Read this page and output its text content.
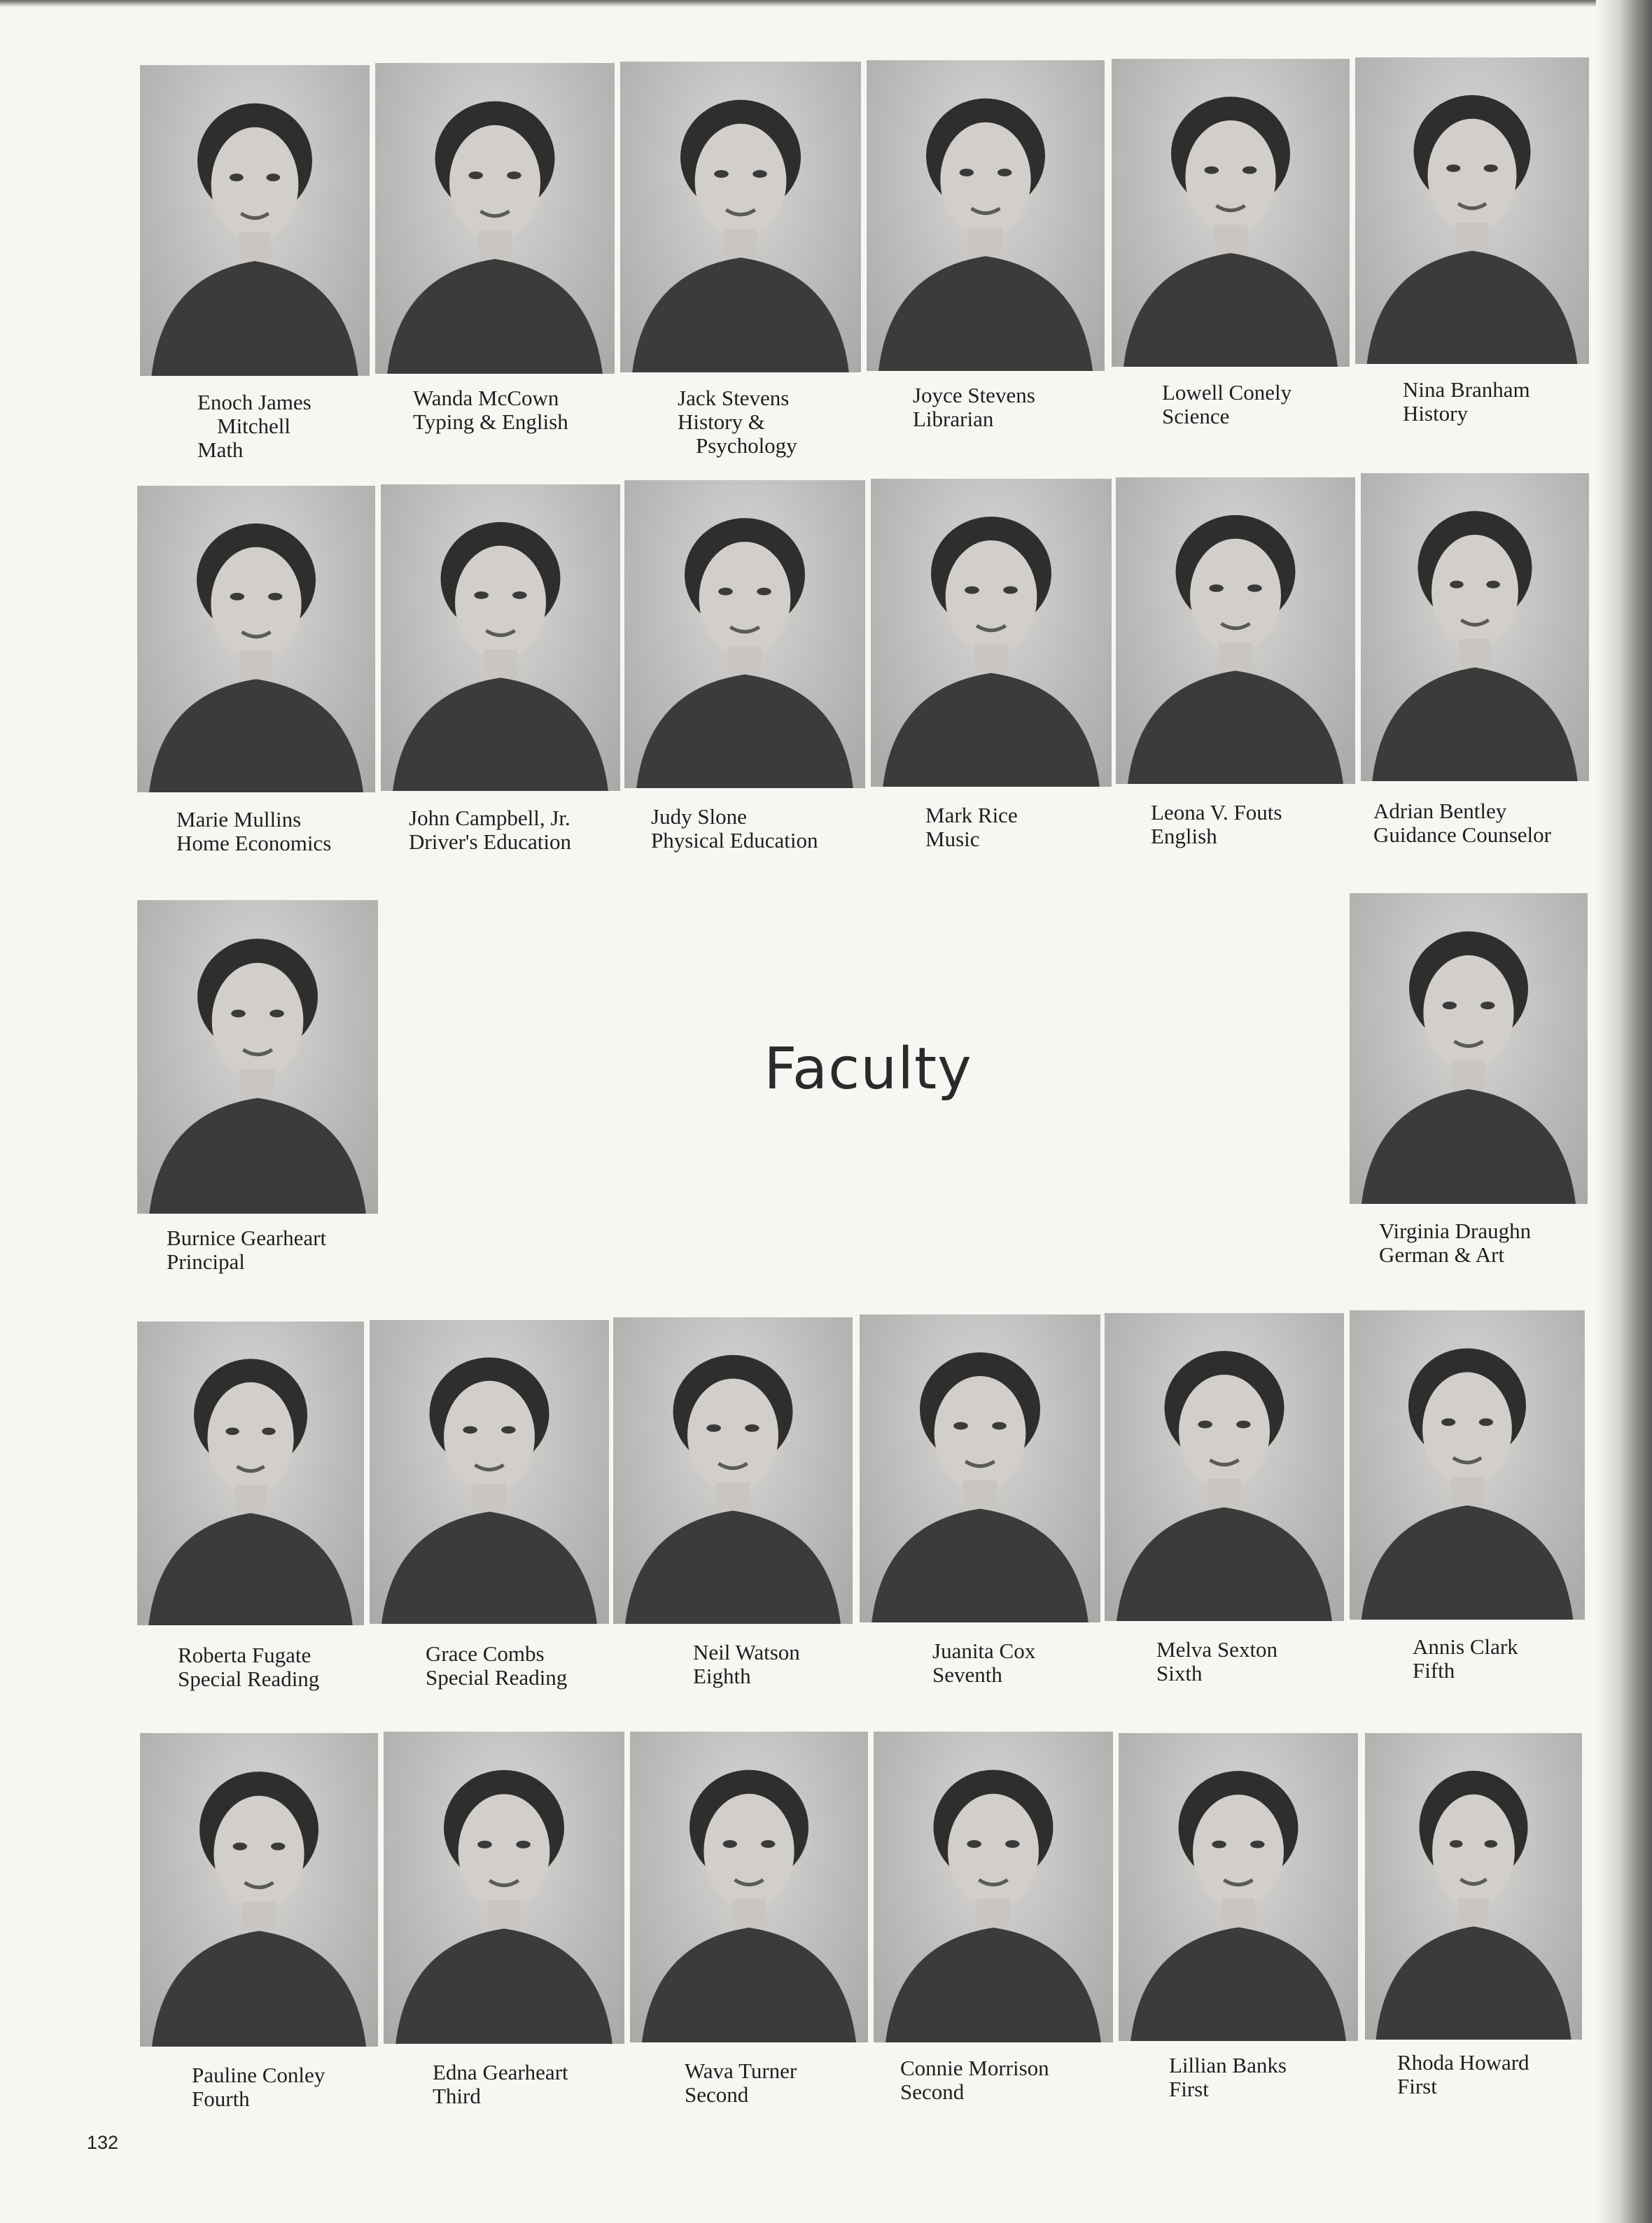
Enoch James
Mitchell
Math
Wanda McCown
Typing & English
Jack Stevens
History &
Psychology
Joyce Stevens
Librarian
Lowell Conely
Science
Nina Branham
History
Marie Mullins
Home Economics
John Campbell, Jr.
Driver's Education
Judy Slone
Physical Education
Mark Rice
Music
Leona V. Fouts
English
Adrian Bentley
Guidance Counselor
Burnice Gearheart
Principal
Faculty
Virginia Draughn
German & Art
Roberta Fugate
Special Reading
Grace Combs
Special Reading
Neil Watson
Eighth
Juanita Cox
Seventh
Melva Sexton
Sixth
Annis Clark
Fifth
Pauline Conley
Fourth
Edna Gearheart
Third
Wava Turner
Second
Connie Morrison
Second
Lillian Banks
First
Rhoda Howard
First
132
